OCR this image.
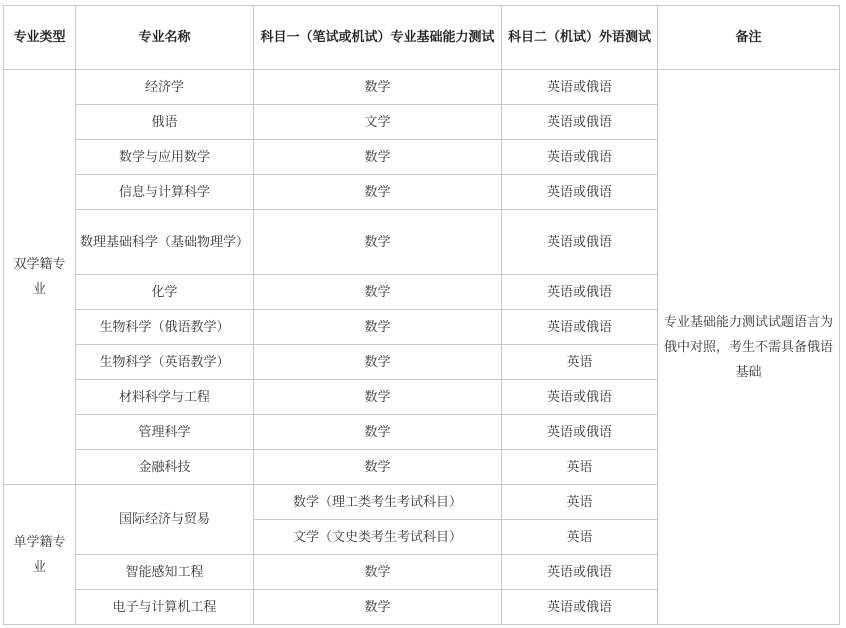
专业类型	专业名称	科目一（笔试或机试）专业基础能力测试	科目二（机试）外语测试	备注
双学籍专业	经济学	数学	英语或俄语	专业基础能力测试试题语言为俄中对照，考生不需具备俄语基础
	俄语	文学	英语或俄语	
	数学与应用数学	数学	英语或俄语	
	信息与计算科学	数学	英语或俄语	
	数理基础科学（基础物理学）	数学	英语或俄语	
	化学	数学	英语或俄语	
	生物科学（俄语教学）	数学	英语或俄语	
	生物科学（英语教学）	数学	英语	
	材料科学与工程	数学	英语或俄语	
	管理科学	数学	英语或俄语	
	金融科技	数学	英语	
单学籍专业	国际经济与贸易	数学（理工类考生考试科目）	英语	
		文学（文史类考生考试科目）	英语	
	智能感知工程	数学	英语或俄语	
	电子与计算机工程	数学	英语或俄语	
